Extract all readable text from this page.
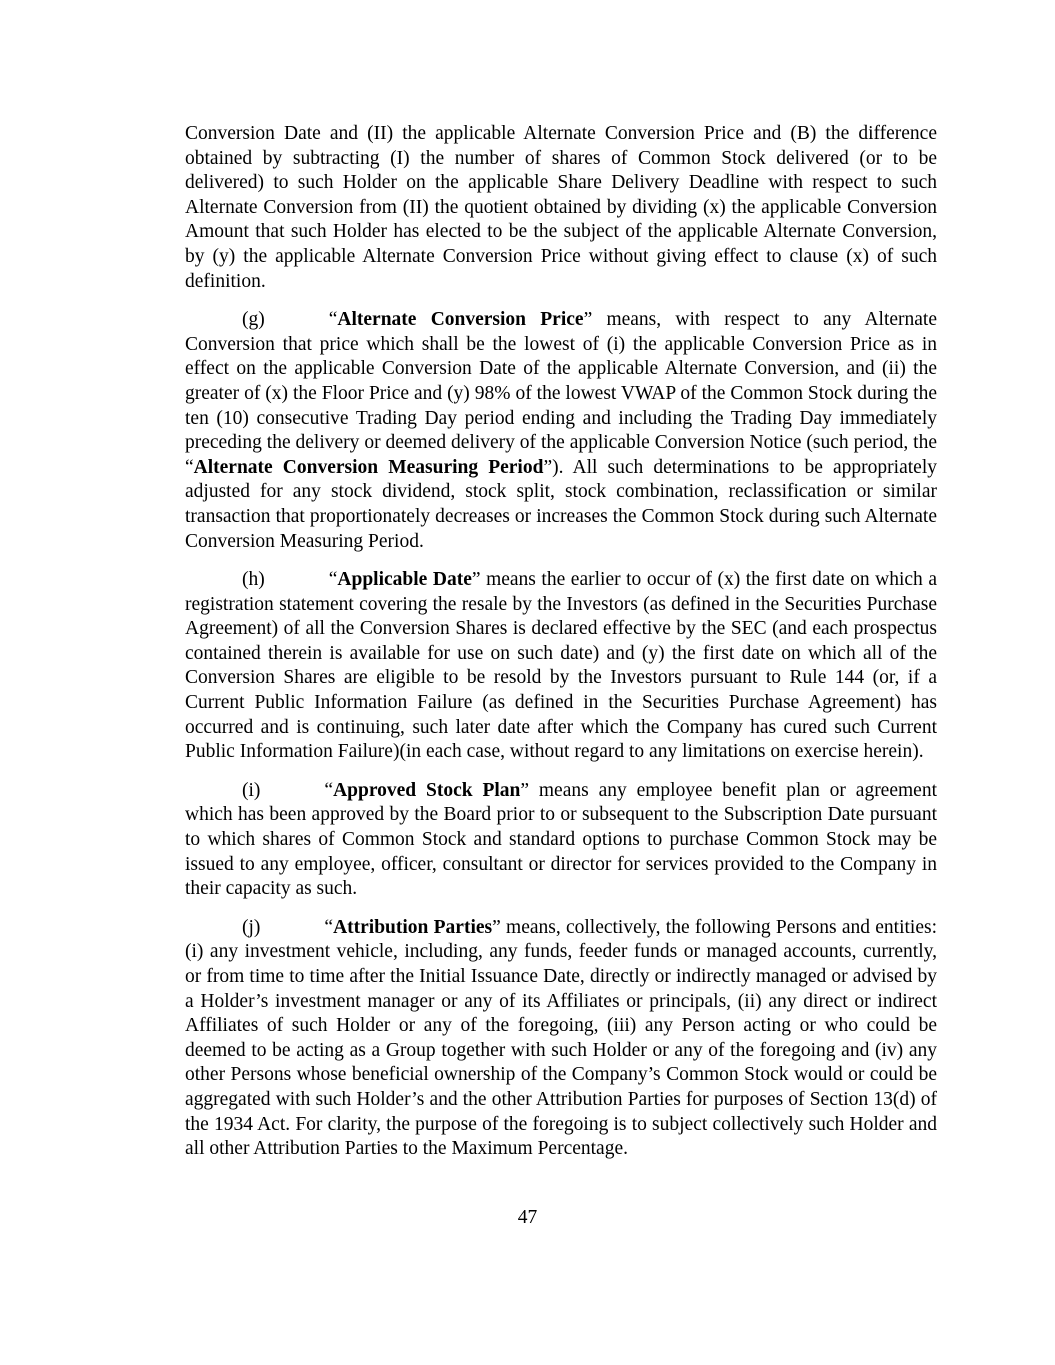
Conversion Date and (II) the applicable Alternate Conversion Price and (B) the difference obtained by subtracting (I) the number of shares of Common Stock delivered (or to be delivered) to such Holder on the applicable Share Delivery Deadline with respect to such Alternate Conversion from (II) the quotient obtained by dividing (x) the applicable Conversion Amount that such Holder has elected to be the subject of the applicable Alternate Conversion, by (y) the applicable Alternate Conversion Price without giving effect to clause (x) of such definition.

(g)	“Alternate Conversion Price” means, with respect to any Alternate Conversion that price which shall be the lowest of (i) the applicable Conversion Price as in effect on the applicable Conversion Date of the applicable Alternate Conversion, and (ii) the greater of (x) the Floor Price and (y) 98% of the lowest VWAP of the Common Stock during the ten (10) consecutive Trading Day period ending and including the Trading Day immediately preceding the delivery or deemed delivery of the applicable Conversion Notice (such period, the “Alternate Conversion Measuring Period”). All such determinations to be appropriately adjusted for any stock dividend, stock split, stock combination, reclassification or similar transaction that proportionately decreases or increases the Common Stock during such Alternate Conversion Measuring Period.

(h)	“Applicable Date” means the earlier to occur of (x) the first date on which a registration statement covering the resale by the Investors (as defined in the Securities Purchase Agreement) of all the Conversion Shares is declared effective by the SEC (and each prospectus contained therein is available for use on such date) and (y) the first date on which all of the Conversion Shares are eligible to be resold by the Investors pursuant to Rule 144 (or, if a Current Public Information Failure (as defined in the Securities Purchase Agreement) has occurred and is continuing, such later date after which the Company has cured such Current Public Information Failure)(in each case, without regard to any limitations on exercise herein).

(i)	“Approved Stock Plan” means any employee benefit plan or agreement which has been approved by the Board prior to or subsequent to the Subscription Date pursuant to which shares of Common Stock and standard options to purchase Common Stock may be issued to any employee, officer, consultant or director for services provided to the Company in their capacity as such.

(j)	“Attribution Parties” means, collectively, the following Persons and entities: (i) any investment vehicle, including, any funds, feeder funds or managed accounts, currently, or from time to time after the Initial Issuance Date, directly or indirectly managed or advised by a Holder’s investment manager or any of its Affiliates or principals, (ii) any direct or indirect Affiliates of such Holder or any of the foregoing, (iii) any Person acting or who could be deemed to be acting as a Group together with such Holder or any of the foregoing and (iv) any other Persons whose beneficial ownership of the Company’s Common Stock would or could be aggregated with such Holder’s and the other Attribution Parties for purposes of Section 13(d) of the 1934 Act. For clarity, the purpose of the foregoing is to subject collectively such Holder and all other Attribution Parties to the Maximum Percentage.

47
